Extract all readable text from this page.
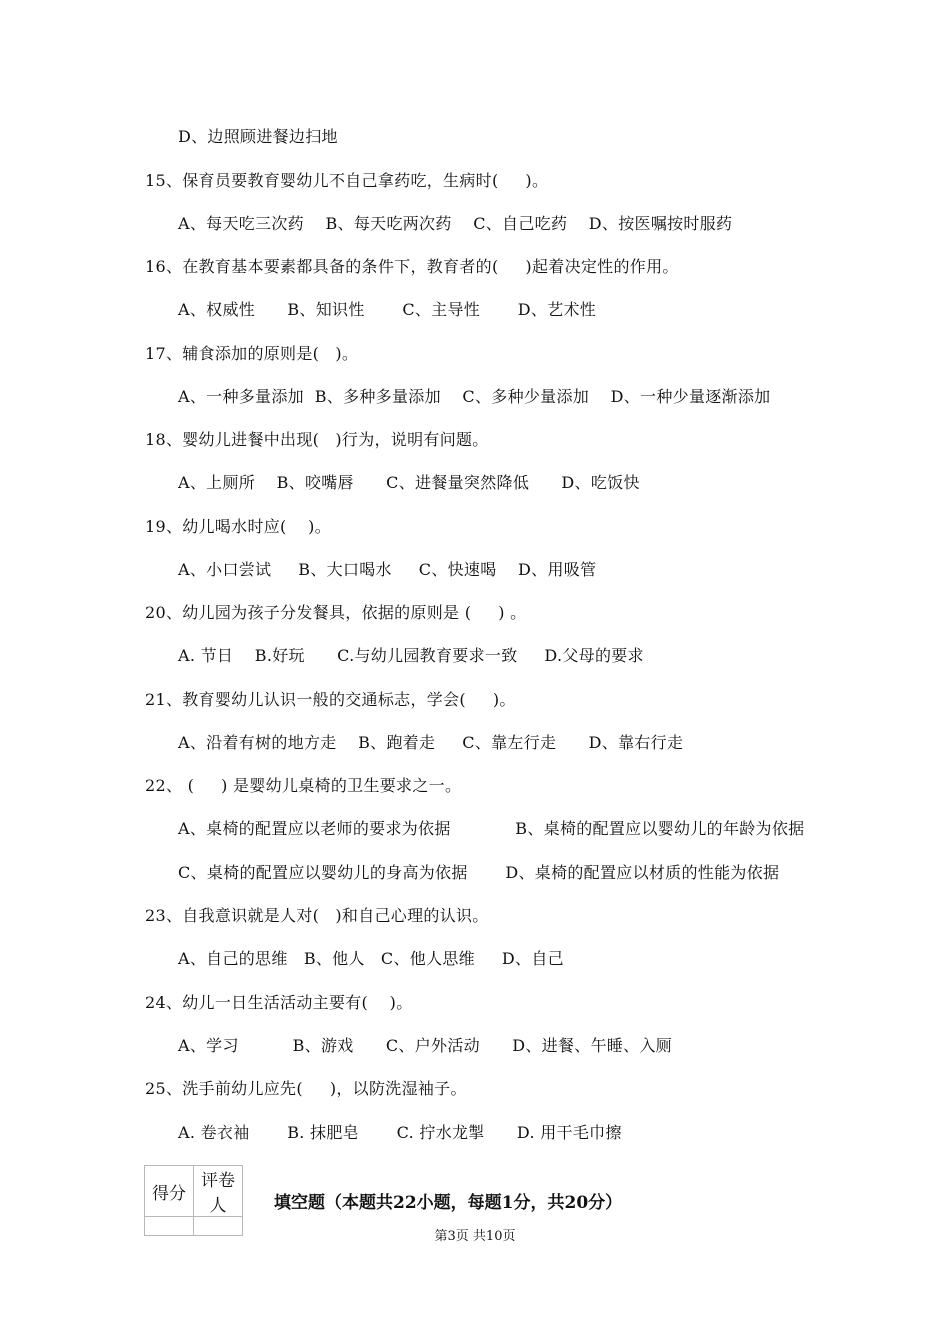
D、边照顾进餐边扫地
15、保育员要教育婴幼儿不自己拿药吃，生病时(     )。
A、每天吃三次药    B、每天吃两次药    C、自己吃药    D、按医嘱按时服药
16、在教育基本要素都具备的条件下，教育者的(     )起着决定性的作用。
A、权威性      B、知识性       C、主导性       D、艺术性
17、辅食添加的原则是(   )。
A、一种多量添加  B、多种多量添加    C、多种少量添加    D、一种少量逐渐添加
18、婴幼儿进餐中出现(   )行为，说明有问题。
A、上厕所    B、咬嘴唇      C、进餐量突然降低      D、吃饭快
19、幼儿喝水时应(    )。
A、小口尝试     B、大口喝水     C、快速喝    D、用吸管
20、幼儿园为孩子分发餐具，依据的原则是 (     ) 。
A. 节日    B.好玩      C.与幼儿园教育要求一致     D.父母的要求
21、教育婴幼儿认识一般的交通标志，学会(     )。
A、沿着有树的地方走    B、跑着走     C、靠左行走      D、靠右行走
22、 (     ) 是婴幼儿桌椅的卫生要求之一。
A、桌椅的配置应以老师的要求为依据            B、桌椅的配置应以婴幼儿的年龄为依据
C、桌椅的配置应以婴幼儿的身高为依据       D、桌椅的配置应以材质的性能为依据
23、自我意识就是人对(   )和自己心理的认识。
A、自己的思维   B、他人   C、他人思维     D、自己
24、幼儿一日生活活动主要有(    )。
A、学习          B、游戏      C、户外活动      D、进餐、午睡、入厕
25、洗手前幼儿应先(     )，以防洗湿袖子。
A. 卷衣袖       B. 抹肥皂       C. 拧水龙掣      D. 用干毛巾擦
得分	评卷人
		填空题（本题共22小题，每题1分，共20分）
第3页 共10页
